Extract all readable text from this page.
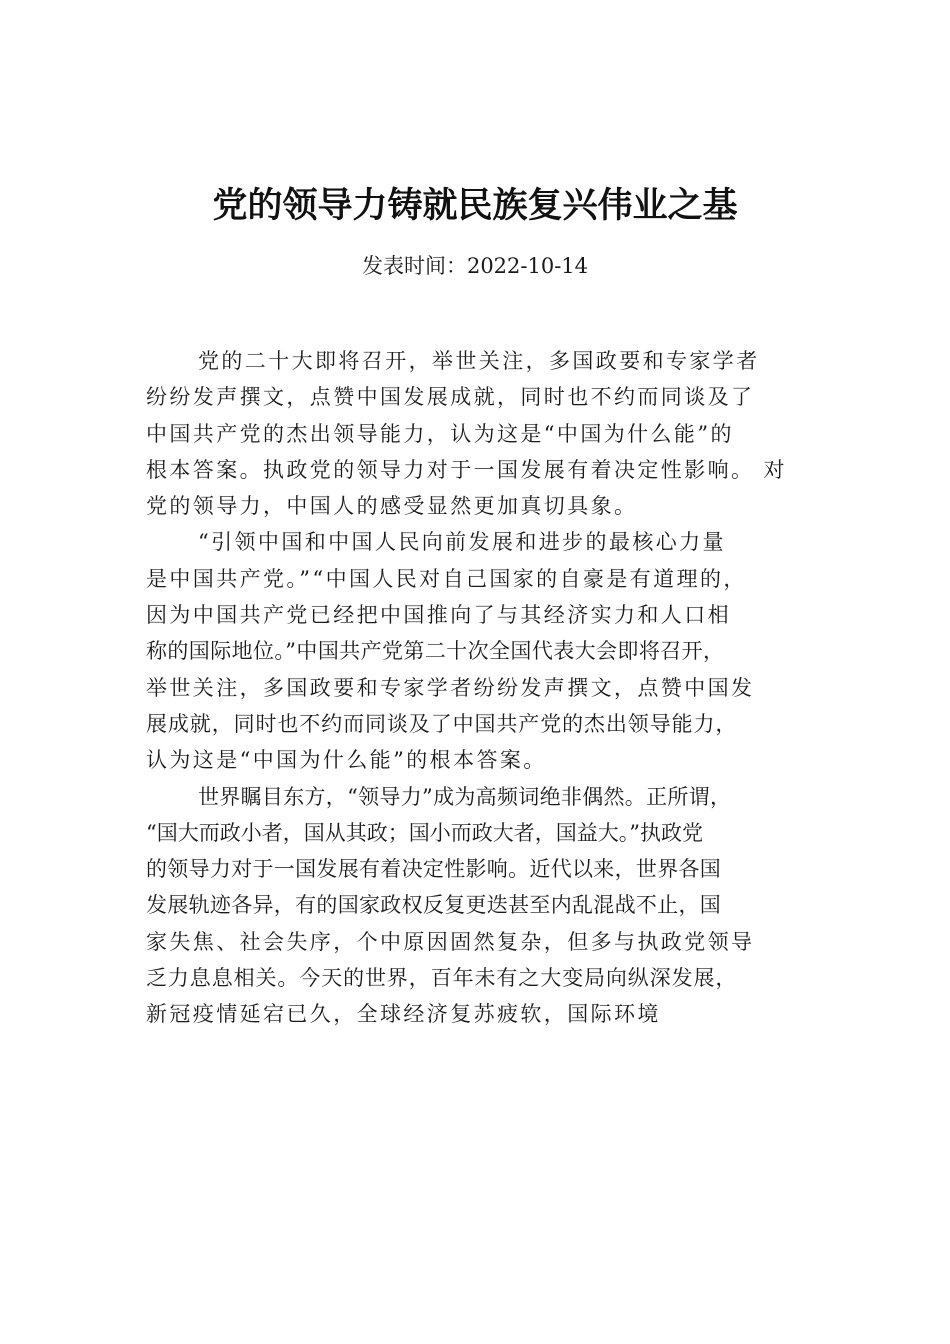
党的领导力铸就民族复兴伟业之基
发表时间：2022-10-14
党的二十大即将召开，举世关注，多国政要和专家学者
纷纷发声撰文，点赞中国发展成就，同时也不约而同谈及了
中国共产党的杰出领导能力，认为这是“中国为什么能”的
根本答案。执政党的领导力对于一国发展有着决定性影响。 对
党的领导力，中国人的感受显然更加真切具象。
“引领中国和中国人民向前发展和进步的最核心力量
是中国共产党。”“中国人民对自己国家的自豪是有道理的，
因为中国共产党已经把中国推向了与其经济实力和人口相
称的国际地位。”中国共产党第二十次全国代表大会即将召开，
举世关注，多国政要和专家学者纷纷发声撰文，点赞中国发
展成就，同时也不约而同谈及了中国共产党的杰出领导能力，
认为这是“中国为什么能”的根本答案。
世界瞩目东方，“领导力”成为高频词绝非偶然。正所谓，
“国大而政小者，国从其政；国小而政大者，国益大。”执政党
的领导力对于一国发展有着决定性影响。近代以来，世界各国
发展轨迹各异，有的国家政权反复更迭甚至内乱混战不止，国
家失焦、社会失序，个中原因固然复杂，但多与执政党领导
乏力息息相关。今天的世界，百年未有之大变局向纵深发展，
新冠疫情延宕已久，全球经济复苏疲软，国际环境
